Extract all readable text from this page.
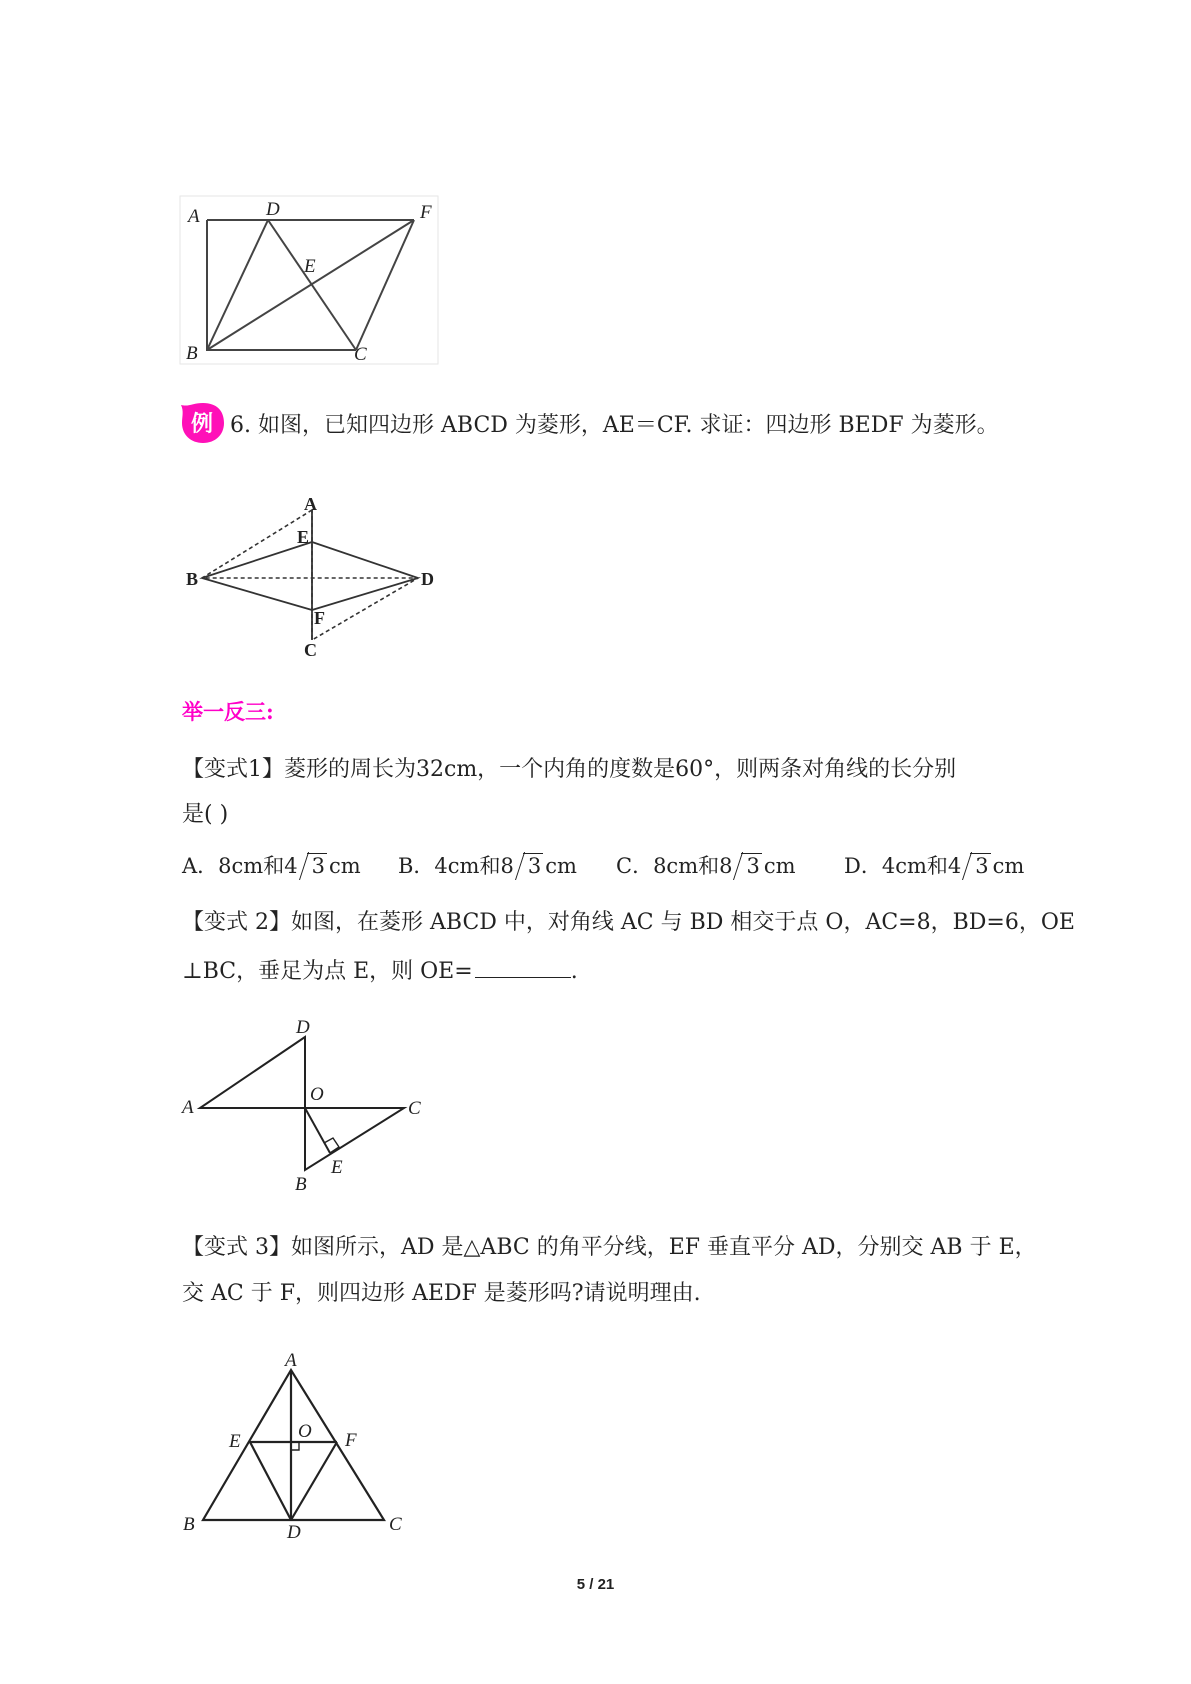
A	D	F
E
B	C
例 6. 如图，已知四边形 ABCD 为菱形，AE＝CF. 求证：四边形 BEDF 为菱形。
A
E
B	D
F
C
举一反三:
【变式1】菱形的周长为32cm，一个内角的度数是60°，则两条对角线的长分别
是( )
A．8cm和4 3 cm B．4cm和8 3 cm C．8cm和8 3 cm D．4cm和4 3 cm
【变式 2】如图，在菱形 ABCD 中，对角线 AC 与 BD 相交于点 O，AC=8，BD=6，OE
⊥BC，垂足为点 E，则 OE=	.
D
A
O
C
B
E
【变式 3】如图所示，AD 是△ABC 的角平分线，EF 垂直平分 AD，分别交 AB 于 E，
交 AC 于 F，则四边形 AEDF 是菱形吗?请说明理由.
A
E	O F
B	D	C
5 / 21
